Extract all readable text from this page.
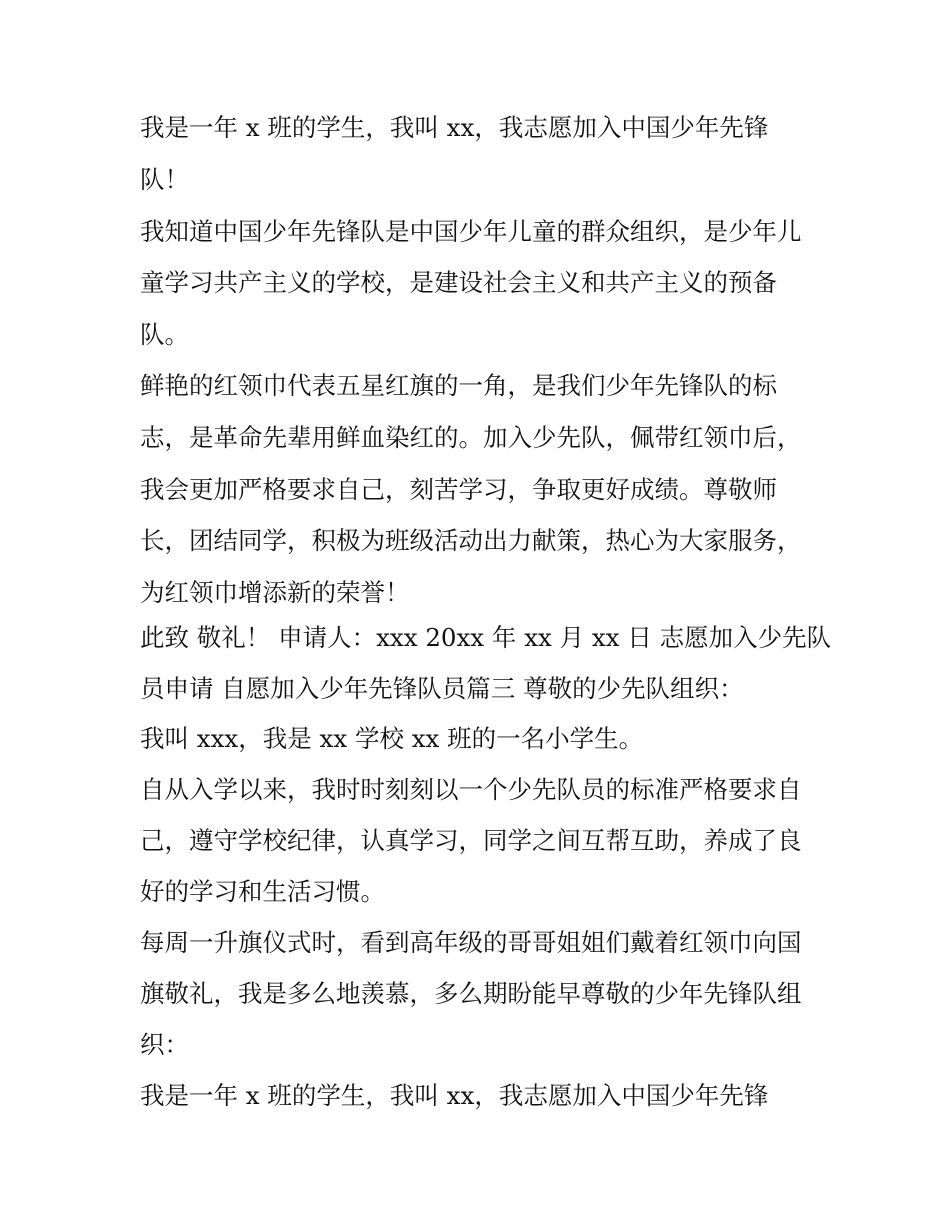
我是一年 x 班的学生，我叫 xx，我志愿加入中国少年先锋
队！
我知道中国少年先锋队是中国少年儿童的群众组织，是少年儿
童学习共产主义的学校，是建设社会主义和共产主义的预备
队。
鲜艳的红领巾代表五星红旗的一角，是我们少年先锋队的标
志，是革命先辈用鲜血染红的。加入少先队，佩带红领巾后，
我会更加严格要求自己，刻苦学习，争取更好成绩。尊敬师
长，团结同学，积极为班级活动出力献策，热心为大家服务，
为红领巾增添新的荣誉！
此致 敬礼！ 申请人：xxx 20xx 年 xx 月 xx 日 志愿加入少先队
员申请 自愿加入少年先锋队员篇三 尊敬的少先队组织：
我叫 xxx，我是 xx 学校 xx 班的一名小学生。
自从入学以来，我时时刻刻以一个少先队员的标准严格要求自
己，遵守学校纪律，认真学习，同学之间互帮互助，养成了良
好的学习和生活习惯。
每周一升旗仪式时，看到高年级的哥哥姐姐们戴着红领巾向国
旗敬礼，我是多么地羡慕，多么期盼能早尊敬的少年先锋队组
织：
我是一年 x 班的学生，我叫 xx，我志愿加入中国少年先锋
